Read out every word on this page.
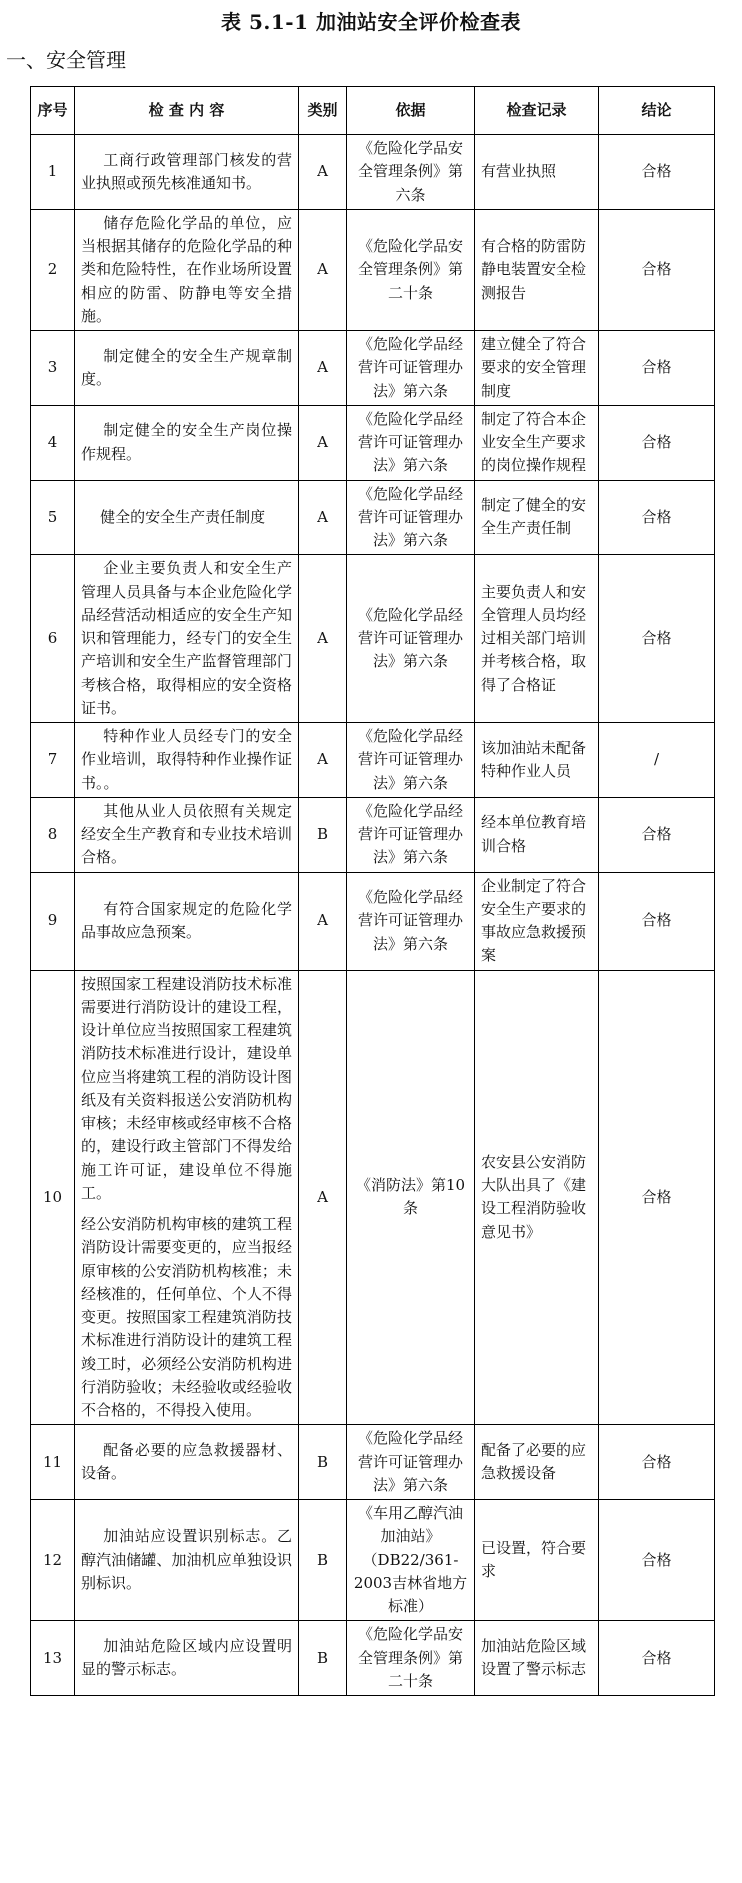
表 5.1-1 加油站安全评价检查表
一、安全管理
序号	检 查 内 容	类别	依据	检查记录	结论
1	工商行政管理部门核发的营业执照或预先核准通知书。	A	《危险化学品安全管理条例》第六条	有营业执照	合格
2	储存危险化学品的单位，应当根据其储存的危险化学品的种类和危险特性，在作业场所设置相应的防雷、防静电等安全措施。	A	《危险化学品安全管理条例》第二十条	有合格的防雷防静电装置安全检测报告	合格
3	制定健全的安全生产规章制度。	A	《危险化学品经营许可证管理办法》第六条	建立健全了符合要求的安全管理制度	合格
4	制定健全的安全生产岗位操作规程。	A	《危险化学品经营许可证管理办法》第六条	制定了符合本企业安全生产要求的岗位操作规程	合格
5	健全的安全生产责任制度	A	《危险化学品经营许可证管理办法》第六条	制定了健全的安全生产责任制	合格
6	企业主要负责人和安全生产管理人员具备与本企业危险化学品经营活动相适应的安全生产知识和管理能力，经专门的安全生产培训和安全生产监督管理部门考核合格，取得相应的安全资格证书。	A	《危险化学品经营许可证管理办法》第六条	主要负责人和安全管理人员均经过相关部门培训并考核合格，取得了合格证	合格
7	特种作业人员经专门的安全作业培训，取得特种作业操作证书。。	A	《危险化学品经营许可证管理办法》第六条	该加油站未配备特种作业人员	/
8	其他从业人员依照有关规定经安全生产教育和专业技术培训合格。	B	《危险化学品经营许可证管理办法》第六条	经本单位教育培训合格	合格
9	有符合国家规定的危险化学品事故应急预案。	A	《危险化学品经营许可证管理办法》第六条	企业制定了符合安全生产要求的事故应急救援预案	合格
10	按照国家工程建设消防技术标准需要进行消防设计的建设工程，设计单位应当按照国家工程建筑消防技术标准进行设计，建设单位应当将建筑工程的消防设计图纸及有关资料报送公安消防机构审核；未经审核或经审核不合格的，建设行政主管部门不得发给施工许可证，建设单位不得施工。

经公安消防机构审核的建筑工程消防设计需要变更的，应当报经原审核的公安消防机构核准；未经核准的，任何单位、个人不得变更。按照国家工程建筑消防技术标准进行消防设计的建筑工程竣工时，必须经公安消防机构进行消防验收；未经验收或经验收不合格的，不得投入使用。	A	《消防法》第10条	农安县公安消防大队出具了《建设工程消防验收意见书》	合格
11	配备必要的应急救援器材、设备。	B	《危险化学品经营许可证管理办法》第六条	配备了必要的应急救援设备	合格
12	加油站应设置识别标志。乙醇汽油储罐、加油机应单独设识别标识。	B	《车用乙醇汽油加油站》（DB22/361-2003吉林省地方标准）	已设置，符合要求	合格
13	加油站危险区域内应设置明显的警示标志。	B	《危险化学品安全管理条例》第二十条	加油站危险区域设置了警示标志	合格
